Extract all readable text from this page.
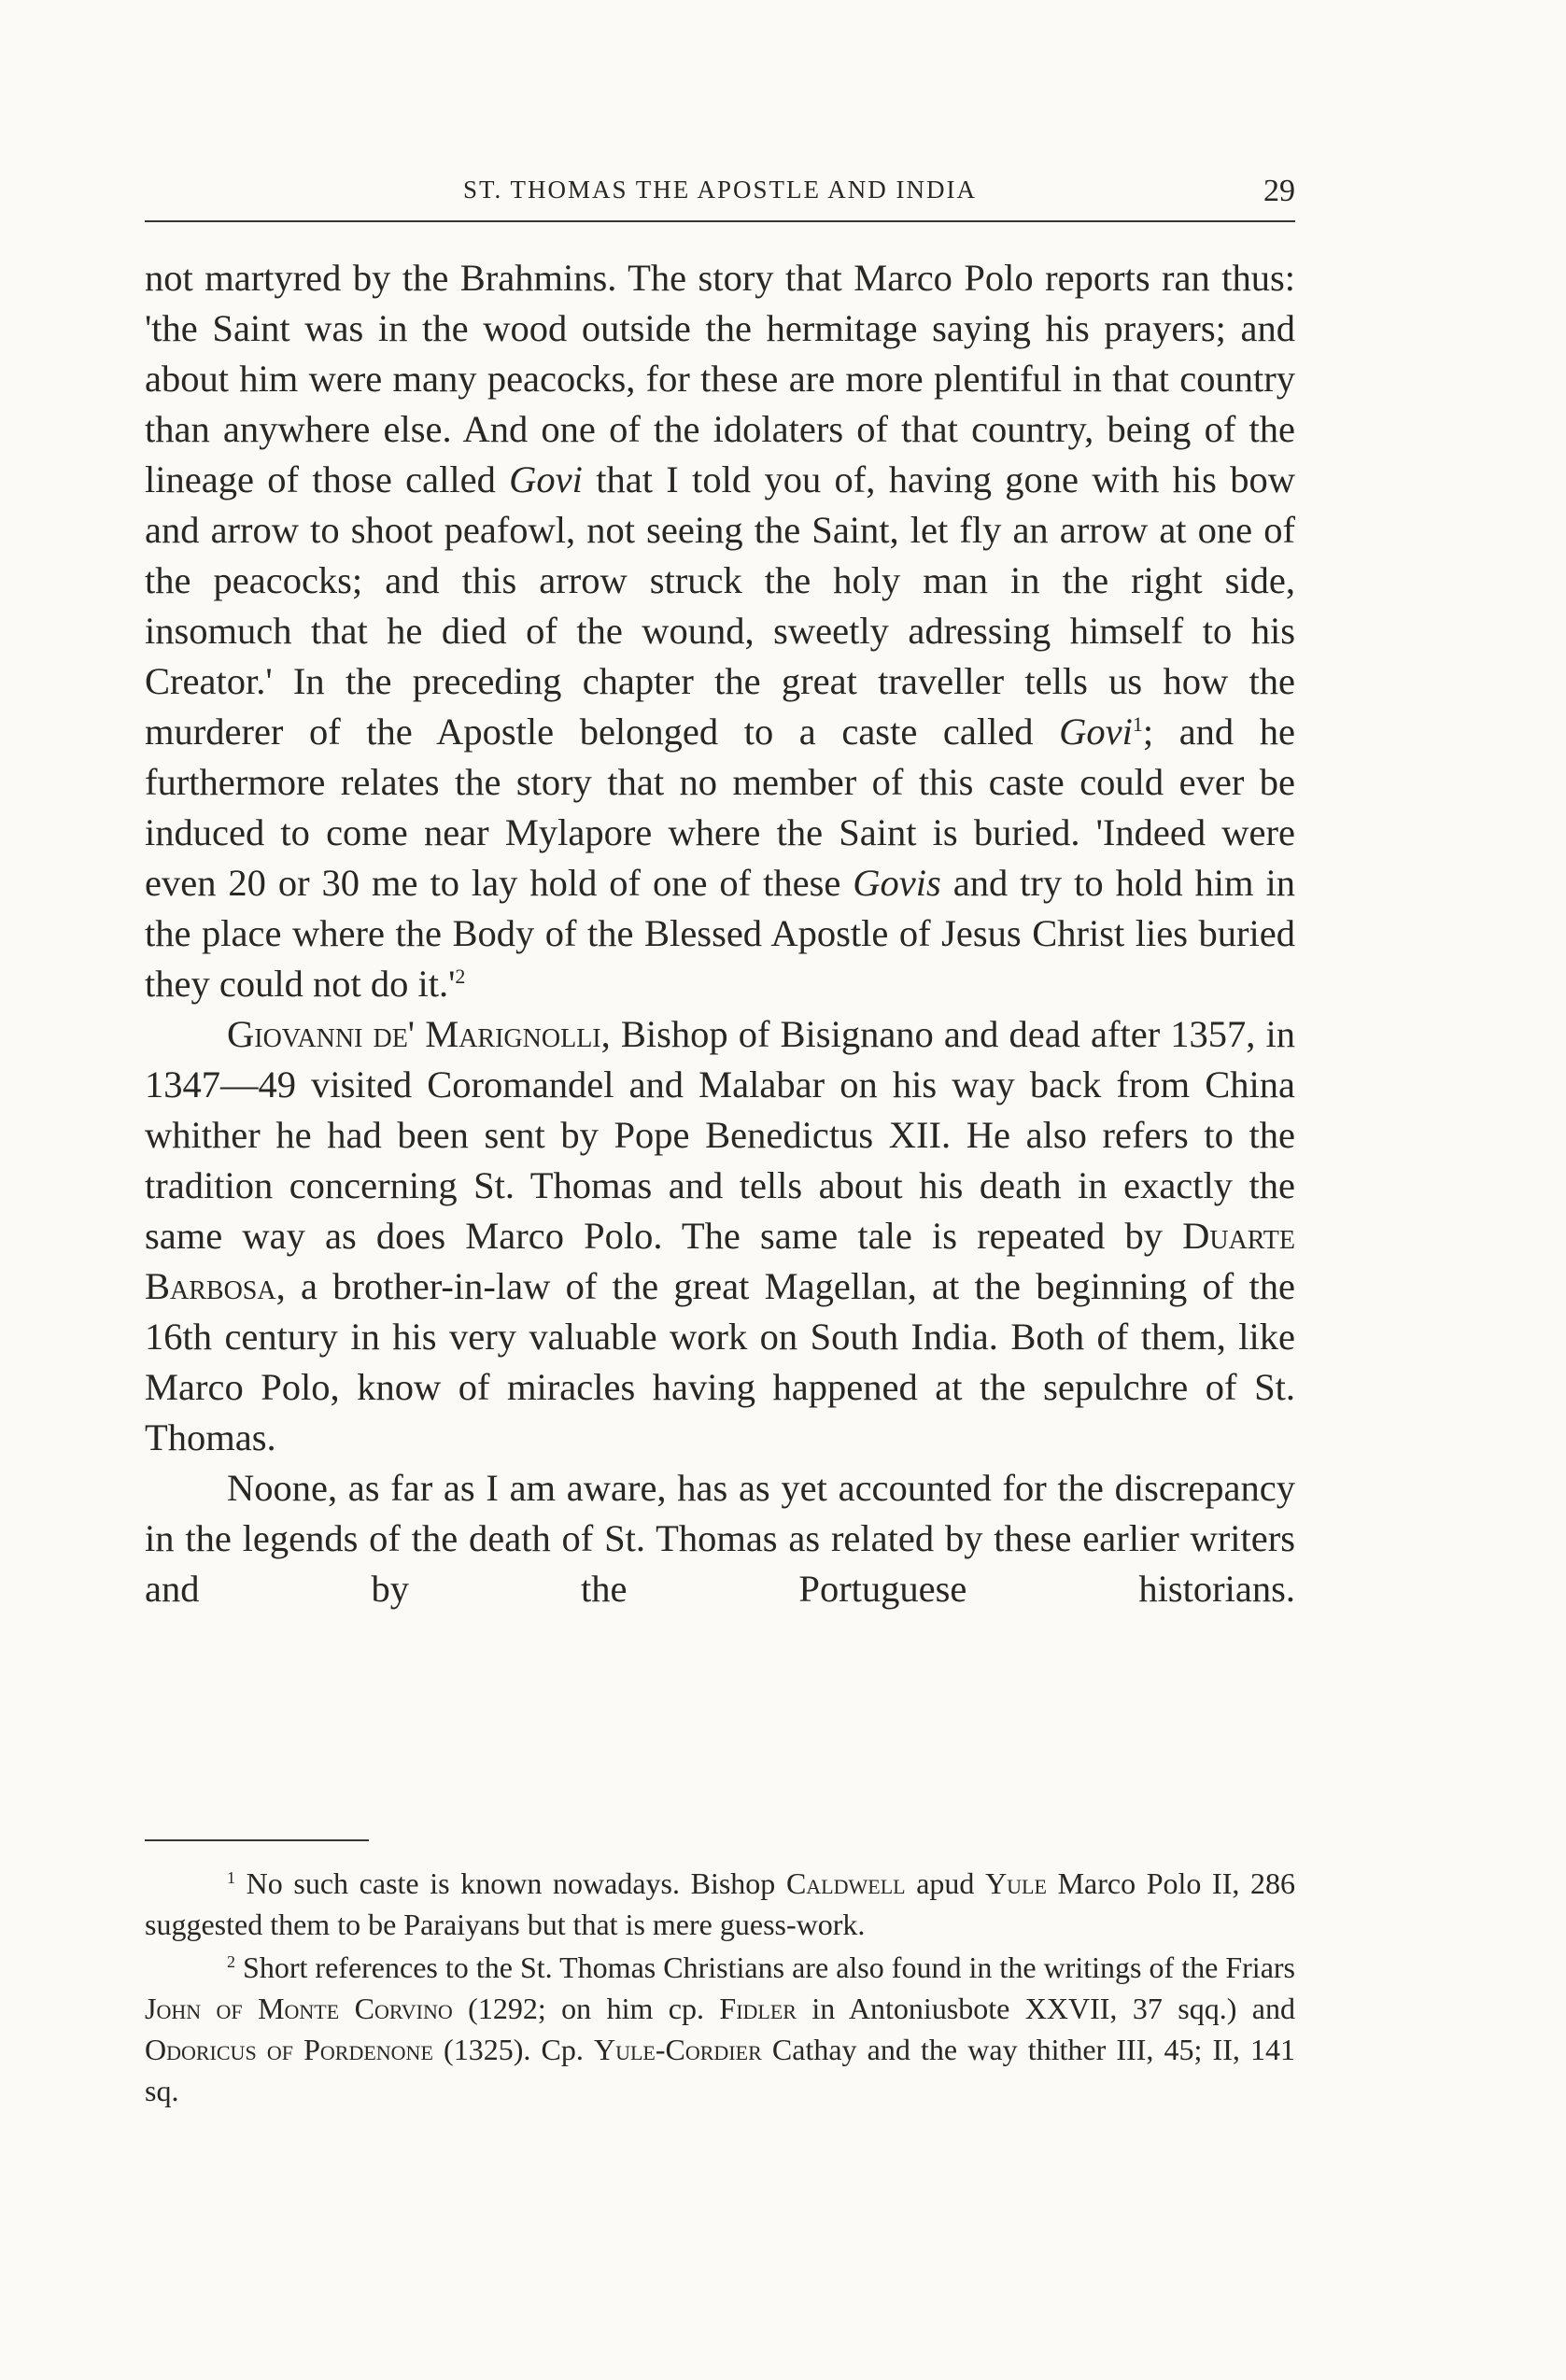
ST. THOMAS THE APOSTLE AND INDIA	29

not martyred by the Brahmins. The story that Marco Polo reports ran thus: 'the Saint was in the wood outside the hermitage saying his prayers; and about him were many peacocks, for these are more plentiful in that country than anywhere else. And one of the idolaters of that country, being of the lineage of those called Govi that I told you of, having gone with his bow and arrow to shoot peafowl, not seeing the Saint, let fly an arrow at one of the peacocks; and this arrow struck the holy man in the right side, insomuch that he died of the wound, sweetly adressing himself to his Creator.' In the preceding chapter the great traveller tells us how the murderer of the Apostle belonged to a caste called Govi$^1$; and he furthermore relates the story that no member of this caste could ever be induced to come near Mylapore where the Saint is buried. 'Indeed were even 20 or 30 me to lay hold of one of these Govis and try to hold him in the place where the Body of the Blessed Apostle of Jesus Christ lies buried they could not do $it.'^2$

Giovanni de' Marignolli, Bishop of Bisignano and dead after 1357, in 1347—49 visited Coromandel and Malabar on his way back from China whither he had been sent by Pope Benedictus XII. He also refers to the tradition concerning St. Thomas and tells about his death in exactly the same way as does Marco Polo. The same tale is repeated by Duarte Barbosa, a brother-in-law of the great Magellan, at the beginning of the 16th century in his very valuable work on South India. Both of them, like Marco Polo, know of miracles having happened at the sepulchre of St. Thomas.

Noone, as far as I am aware, has as yet accounted for the discrepancy in the legends of the death of St. Thomas as related by these earlier writers and by the Portuguese historians.

$^1$ No such caste is known nowadays. Bishop Caldwell apud Yule Marco Polo II, 286 suggested them to be Paraiyans but that is mere guess-work.

$^2$ Short references to the St. Thomas Christians are also found in the writings of the Friars John of Monte Corvino (1292; on him cp. Fidler in Antoniusbote XXVII, 37 sqq.) and Odoricus of Pordenone (1325). Cp. Yule-Cordier Cathay and the way thither III, 45; II, 141 sq.
